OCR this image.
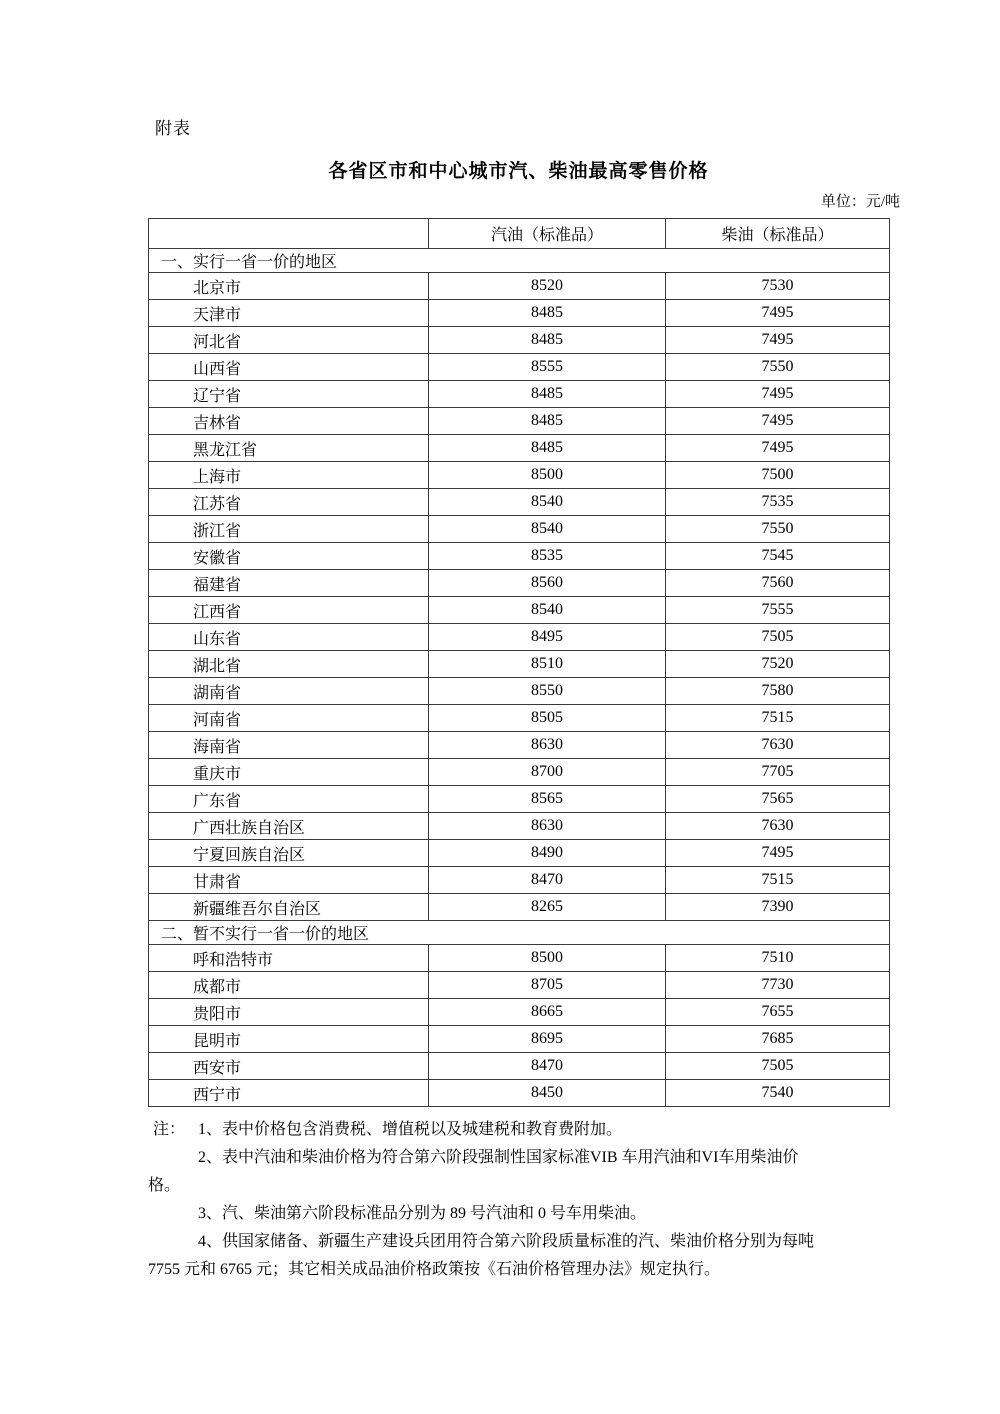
附表
各省区市和中心城市汽、柴油最高零售价格
单位：元/吨
	汽油（标准品）	柴油（标准品）
一、实行一省一价的地区		
北京市	8520	7530
天津市	8485	7495
河北省	8485	7495
山西省	8555	7550
辽宁省	8485	7495
吉林省	8485	7495
黑龙江省	8485	7495
上海市	8500	7500
江苏省	8540	7535
浙江省	8540	7550
安徽省	8535	7545
福建省	8560	7560
江西省	8540	7555
山东省	8495	7505
湖北省	8510	7520
湖南省	8550	7580
河南省	8505	7515
海南省	8630	7630
重庆市	8700	7705
广东省	8565	7565
广西壮族自治区	8630	7630
宁夏回族自治区	8490	7495
甘肃省	8470	7515
新疆维吾尔自治区	8265	7390
二、暂不实行一省一价的地区		
呼和浩特市	8500	7510
成都市	8705	7730
贵阳市	8665	7655
昆明市	8695	7685
西安市	8470	7505
西宁市	8450	7540
注： 1、表中价格包含消费税、增值税以及城建税和教育费附加。
2、表中汽油和柴油价格为符合第六阶段强制性国家标准VIB 车用汽油和VI车用柴油价
格。
3、汽、柴油第六阶段标准品分别为 89 号汽油和 0 号车用柴油。
4、供国家储备、新疆生产建设兵团用符合第六阶段质量标准的汽、柴油价格分别为每吨
7755 元和 6765 元；其它相关成品油价格政策按《石油价格管理办法》规定执行。
